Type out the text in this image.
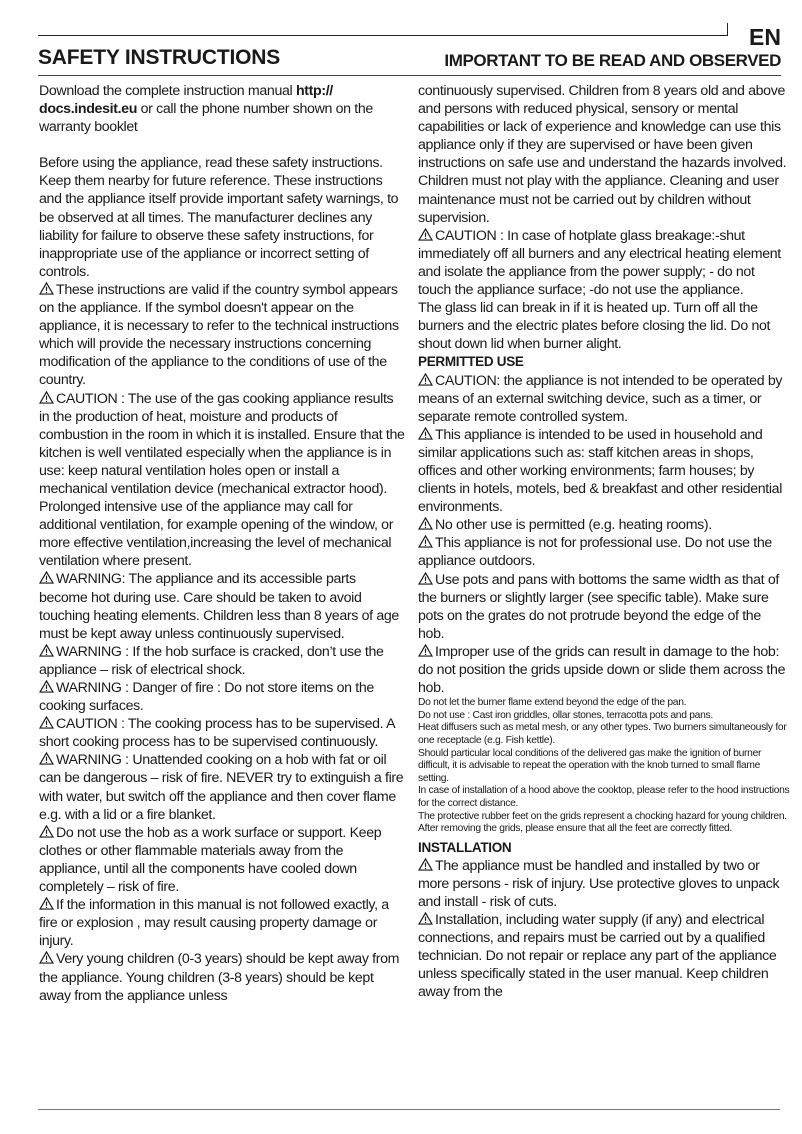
EN
SAFETY INSTRUCTIONS	IMPORTANT TO BE READ AND OBSERVED

Download the complete instruction manual http:// docs.indesit.eu or call the phone number shown on the warranty booklet

Before using the appliance, read these safety instructions. Keep them nearby for future reference. These instructions and the appliance itself provide important safety warnings, to be observed at all times. The manufacturer declines any liability for failure to observe these safety instructions, for inappropriate use of the appliance or incorrect setting of controls.

These instructions are valid if the country symbol appears on the appliance. If the symbol doesn't appear on the appliance, it is necessary to refer to the technical instructions which will provide the necessary instructions concerning modification of the appliance to the conditions of use of the country.

CAUTION : The use of the gas cooking appliance results in the production of heat, moisture and products of combustion in the room in which it is installed. Ensure that the kitchen is well ventilated especially when the appliance is in use: keep natural ventilation holes open or install a mechanical ventilation device (mechanical extractor hood). Prolonged intensive use of the appliance may call for additional ventilation, for example opening of the window, or more effective ventilation,increasing the level of mechanical ventilation where present.

WARNING: The appliance and its accessible parts become hot during use. Care should be taken to avoid touching heating elements. Children less than 8 years of age must be kept away unless continuously supervised.

WARNING : If the hob surface is cracked, don’t use the appliance – risk of electrical shock.

WARNING : Danger of fire : Do not store items on the cooking surfaces.

CAUTION : The cooking process has to be supervised. A short cooking process has to be supervised continuously.

WARNING : Unattended cooking on a hob with fat or oil can be dangerous – risk of fire. NEVER try to extinguish a fire with water, but switch off the appliance and then cover flame e.g. with a lid or a fire blanket.

Do not use the hob as a work surface or support. Keep clothes or other flammable materials away from the appliance, until all the components have cooled down completely – risk of fire.

If the information in this manual is not followed exactly, a fire or explosion , may result causing property damage or injury.

Very young children (0-3 years) should be kept away from the appliance. Young children (3-8 years) should be kept away from the appliance unless

continuously supervised. Children from 8 years old and above and persons with reduced physical, sensory or mental capabilities or lack of experience and knowledge can use this appliance only if they are supervised or have been given instructions on safe use and understand the hazards involved. Children must not play with the appliance. Cleaning and user maintenance must not be carried out by children without supervision.

CAUTION : In case of hotplate glass breakage:-shut immediately off all burners and any electrical heating element and isolate the appliance from the power supply; - do not touch the appliance surface; -do not use the appliance.

The glass lid can break in if it is heated up. Turn off all the burners and the electric plates before closing the lid. Do not shout down lid when burner alight.

PERMITTED USE

CAUTION: the appliance is not intended to be operated by means of an external switching device, such as a timer, or separate remote controlled system.

This appliance is intended to be used in household and similar applications such as: staff kitchen areas in shops, offices and other working environments; farm houses; by clients in hotels, motels, bed & breakfast and other residential environments.

No other use is permitted (e.g. heating rooms).

This appliance is not for professional use. Do not use the appliance outdoors.

Use pots and pans with bottoms the same width as that of the burners or slightly larger (see specific table). Make sure pots on the grates do not protrude beyond the edge of the hob.

Improper use of the grids can result in damage to the hob: do not position the grids upside down or slide them across the hob.

Do not let the burner flame extend beyond the edge of the pan.

Do not use : Cast iron griddles, ollar stones, terracotta pots and pans.

Heat diffusers such as metal mesh, or any other types. Two burners simultaneously for one receptacle (e.g. Fish kettle).

Should particular local conditions of the delivered gas make the ignition of burner difficult, it is advisable to repeat the operation with the knob turned to small flame setting.

In case of installation of a hood above the cooktop, please refer to the hood instructions for the correct distance.

The protective rubber feet on the grids represent a chocking hazard for young children. After removing the grids, please ensure that all the feet are correctly fitted.

INSTALLATION

The appliance must be handled and installed by two or more persons - risk of injury. Use protective gloves to unpack and install - risk of cuts.

Installation, including water supply (if any) and electrical connections, and repairs must be carried out by a qualified technician. Do not repair or replace any part of the appliance unless specifically stated in the user manual. Keep children away from the
